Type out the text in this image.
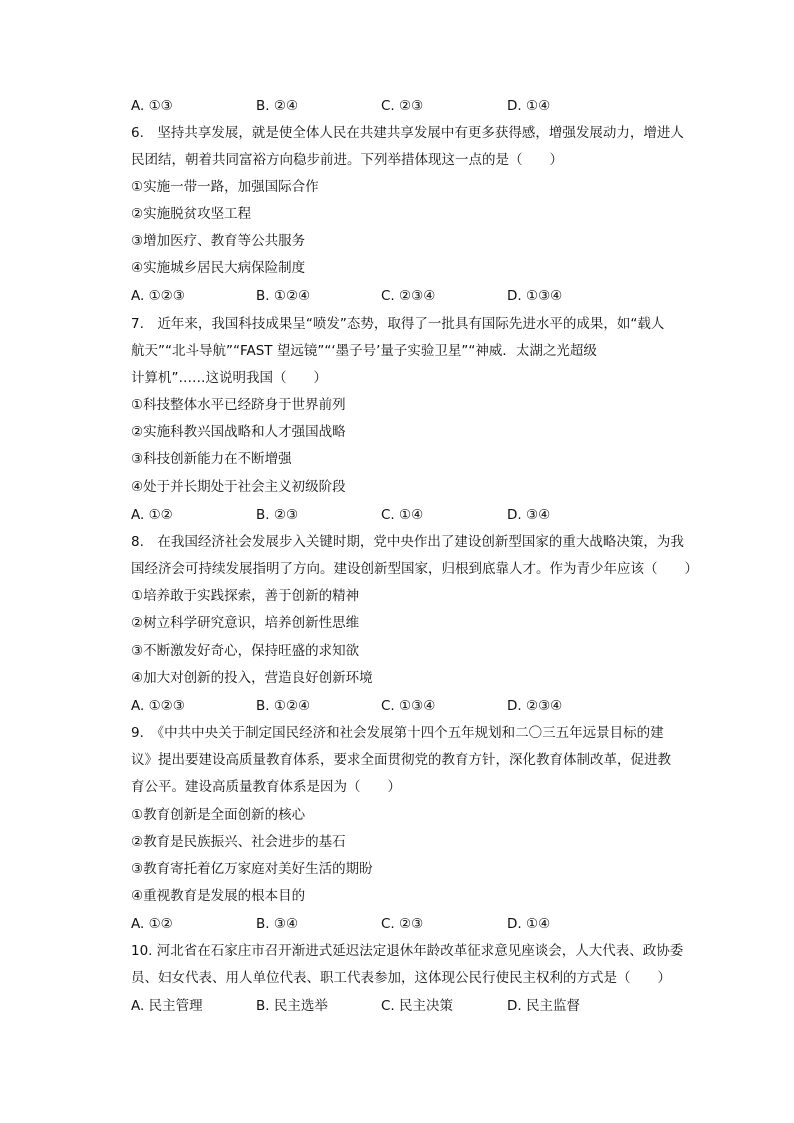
A. ①③	B. ②④	C. ②③	D. ①④
6.　坚持共享发展，就是使全体人民在共建共享发展中有更多获得感，增强发展动力，增进人
民团结，朝着共同富裕方向稳步前进。下列举措体现这一点的是（　　）
①实施一带一路，加强国际合作
②实施脱贫攻坚工程
③增加医疗、教育等公共服务
④实施城乡居民大病保险制度
A. ①②③	B. ①②④	C. ②③④	D. ①③④
7.　近年来，我国科技成果呈“喷发”态势，取得了一批具有国际先进水平的成果，如“载人
航天”“北斗导航”“FAST 望远镜”“‘墨子号’量子实验卫星”“神威．太湖之光超级
计算机”……这说明我国（　　）
①科技整体水平已经跻身于世界前列
②实施科教兴国战略和人才强国战略
③科技创新能力在不断增强
④处于并长期处于社会主义初级阶段
A. ①②	B. ②③	C. ①④	D. ③④
8.　在我国经济社会发展步入关键时期，党中央作出了建设创新型国家的重大战略决策，为我
国经济会可持续发展指明了方向。建设创新型国家，归根到底靠人才。作为青少年应该（　　）
①培养敢于实践探索，善于创新的精神
②树立科学研究意识，培养创新性思维
③不断激发好奇心，保持旺盛的求知欲
④加大对创新的投入，营造良好创新环境
A. ①②③	B. ①②④	C. ①③④	D. ②③④
9.　《中共中央关于制定国民经济和社会发展第十四个五年规划和二〇三五年远景目标的建
议》提出要建设高质量教育体系，要求全面贯彻党的教育方针，深化教育体制改革，促进教
育公平。建设高质量教育体系是因为（　　）
①教育创新是全面创新的核心
②教育是民族振兴、社会进步的基石
③教育寄托着亿万家庭对美好生活的期盼
④重视教育是发展的根本目的
A. ①②	B. ③④	C. ②③	D. ①④
10. 河北省在石家庄市召开渐进式延迟法定退休年龄改革征求意见座谈会，人大代表、政协委
员、妇女代表、用人单位代表、职工代表参加，这体现公民行使民主权利的方式是（　　）
A. 民主管理	B. 民主选举	C. 民主决策	D. 民主监督
